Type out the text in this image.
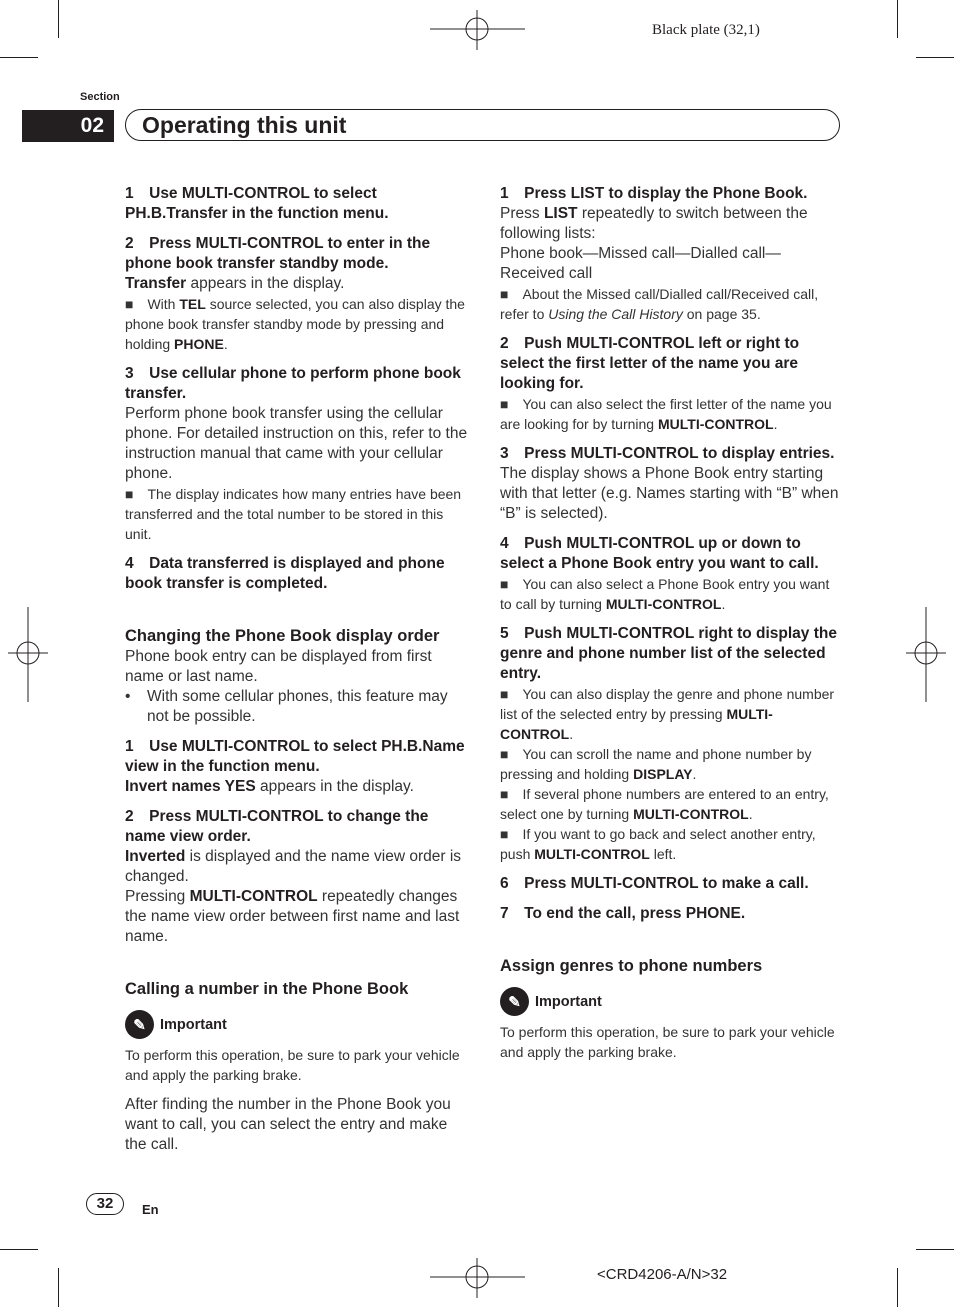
Black plate (32,1)
<CRD4206-A/N>32
Section
02	Operating this unit

1 Use MULTI-CONTROL to select PH.B.Transfer in the function menu.

2 Press MULTI-CONTROL to enter in the phone book transfer standby mode.

Transfer appears in the display.

■ With TEL source selected, you can also display the phone book transfer standby mode by pressing and holding PHONE.

3 Use cellular phone to perform phone book transfer.

Perform phone book transfer using the cellular phone. For detailed instruction on this, refer to the instruction manual that came with your cellular phone.

■ The display indicates how many entries have been transferred and the total number to be stored in this unit.

4 Data transferred is displayed and phone book transfer is completed.

Changing the Phone Book display order

Phone book entry can be displayed from first name or last name.

•	With some cellular phones, this feature may not be possible.

1 Use MULTI-CONTROL to select PH.B.Name view in the function menu.

Invert names YES appears in the display.

2 Press MULTI-CONTROL to change the name view order.

Inverted is displayed and the name view order is changed.

Pressing MULTI-CONTROL repeatedly changes the name view order between first name and last name.

Calling a number in the Phone Book

✎ Important

To perform this operation, be sure to park your vehicle and apply the parking brake.

After finding the number in the Phone Book you want to call, you can select the entry and make the call.

1 Press LIST to display the Phone Book.

Press LIST repeatedly to switch between the following lists:

Phone book—Missed call—Dialled call—Received call

■ About the Missed call/Dialled call/Received call, refer to Using the Call History on page 35.

2 Push MULTI-CONTROL left or right to select the first letter of the name you are looking for.

■ You can also select the first letter of the name you are looking for by turning MULTI-CONTROL.

3 Press MULTI-CONTROL to display entries.

The display shows a Phone Book entry starting with that letter (e.g. Names starting with “B” when “B” is selected).

4 Push MULTI-CONTROL up or down to select a Phone Book entry you want to call.

■ You can also select a Phone Book entry you want to call by turning MULTI-CONTROL.

5 Push MULTI-CONTROL right to display the genre and phone number list of the selected entry.

■ You can also display the genre and phone number list of the selected entry by pressing MULTI-CONTROL.

■ You can scroll the name and phone number by pressing and holding DISPLAY.

■ If several phone numbers are entered to an entry, select one by turning MULTI-CONTROL.

■ If you want to go back and select another entry, push MULTI-CONTROL left.

6 Press MULTI-CONTROL to make a call.

7 To end the call, press PHONE.

Assign genres to phone numbers

✎ Important

To perform this operation, be sure to park your vehicle and apply the parking brake.

32	En
